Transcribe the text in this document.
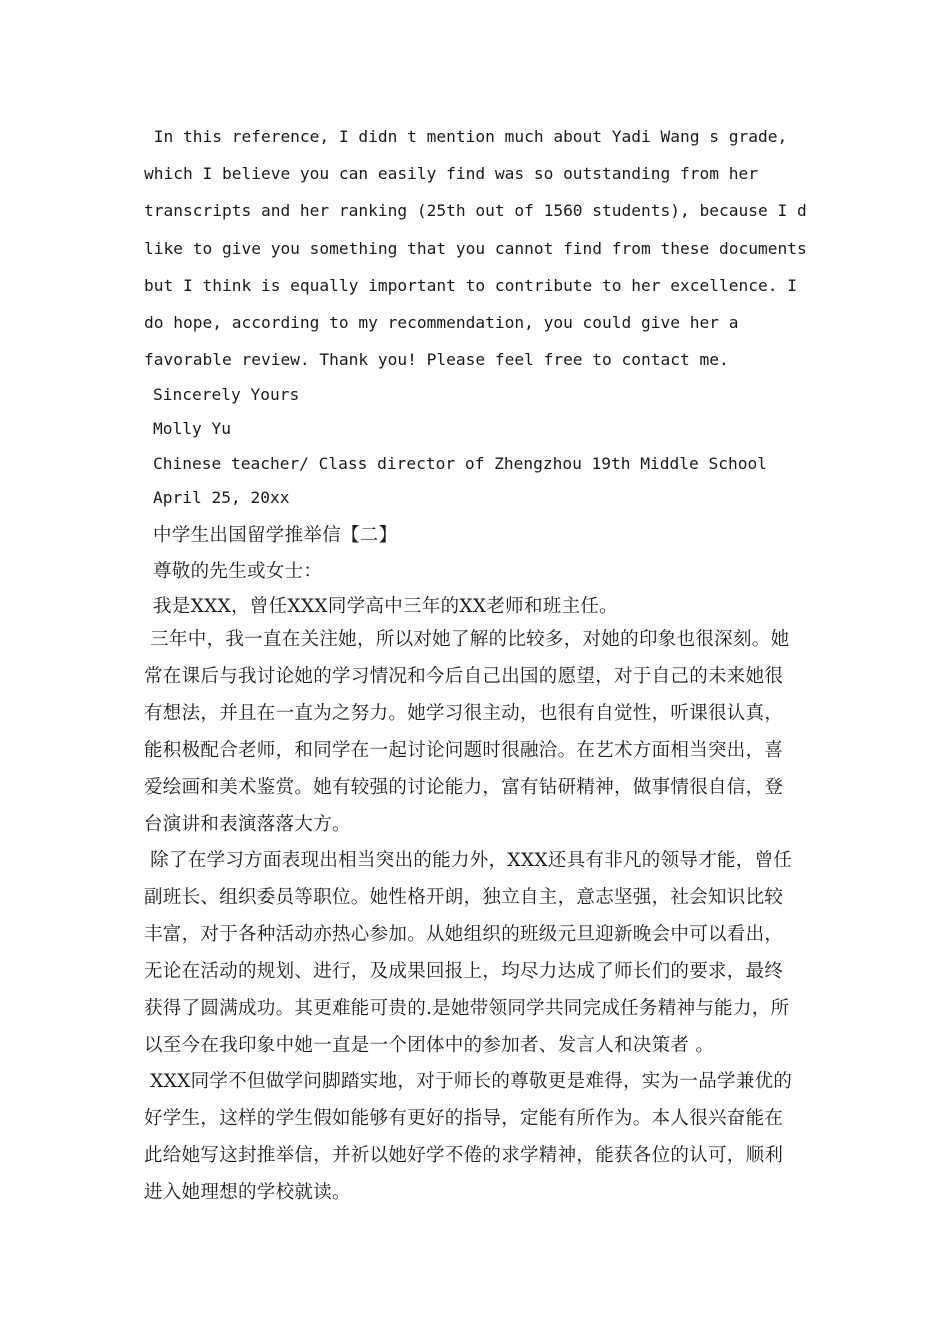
In this reference, I didn t mention much about Yadi Wang s grade,
which I believe you can easily find was so outstanding from her
transcripts and her ranking (25th out of 1560 students), because I d
like to give you something that you cannot find from these documents
but I think is equally important to contribute to her excellence. I
do hope, according to my recommendation, you could give her a
favorable review. Thank you! Please feel free to contact me.
Sincerely Yours
Molly Yu
Chinese teacher/ Class director of Zhengzhou 19th Middle School
April 25, 20xx
中学生出国留学推举信【二】
尊敬的先生或女士：
我是XXX，曾任XXX同学高中三年的XX老师和班主任。
三年中，我一直在关注她，所以对她了解的比较多，对她的印象也很深刻。她
常在课后与我讨论她的学习情况和今后自己出国的愿望，对于自己的未来她很
有想法，并且在一直为之努力。她学习很主动，也很有自觉性，听课很认真，
能积极配合老师，和同学在一起讨论问题时很融洽。在艺术方面相当突出，喜
爱绘画和美术鉴赏。她有较强的讨论能力，富有钻研精神，做事情很自信，登
台演讲和表演落落大方。
除了在学习方面表现出相当突出的能力外，XXX还具有非凡的领导才能，曾任
副班长、组织委员等职位。她性格开朗，独立自主，意志坚强，社会知识比较
丰富，对于各种活动亦热心参加。从她组织的班级元旦迎新晚会中可以看出，
无论在活动的规划、进行，及成果回报上，均尽力达成了师长们的要求，最终
获得了圆满成功。其更难能可贵的.是她带领同学共同完成任务精神与能力，所
以至今在我印象中她一直是一个团体中的参加者、发言人和决策者 。
XXX同学不但做学问脚踏实地，对于师长的尊敬更是难得，实为一品学兼优的
好学生，这样的学生假如能够有更好的指导，定能有所作为。本人很兴奋能在
此给她写这封推举信，并祈以她好学不倦的求学精神，能获各位的认可，顺利
进入她理想的学校就读。
